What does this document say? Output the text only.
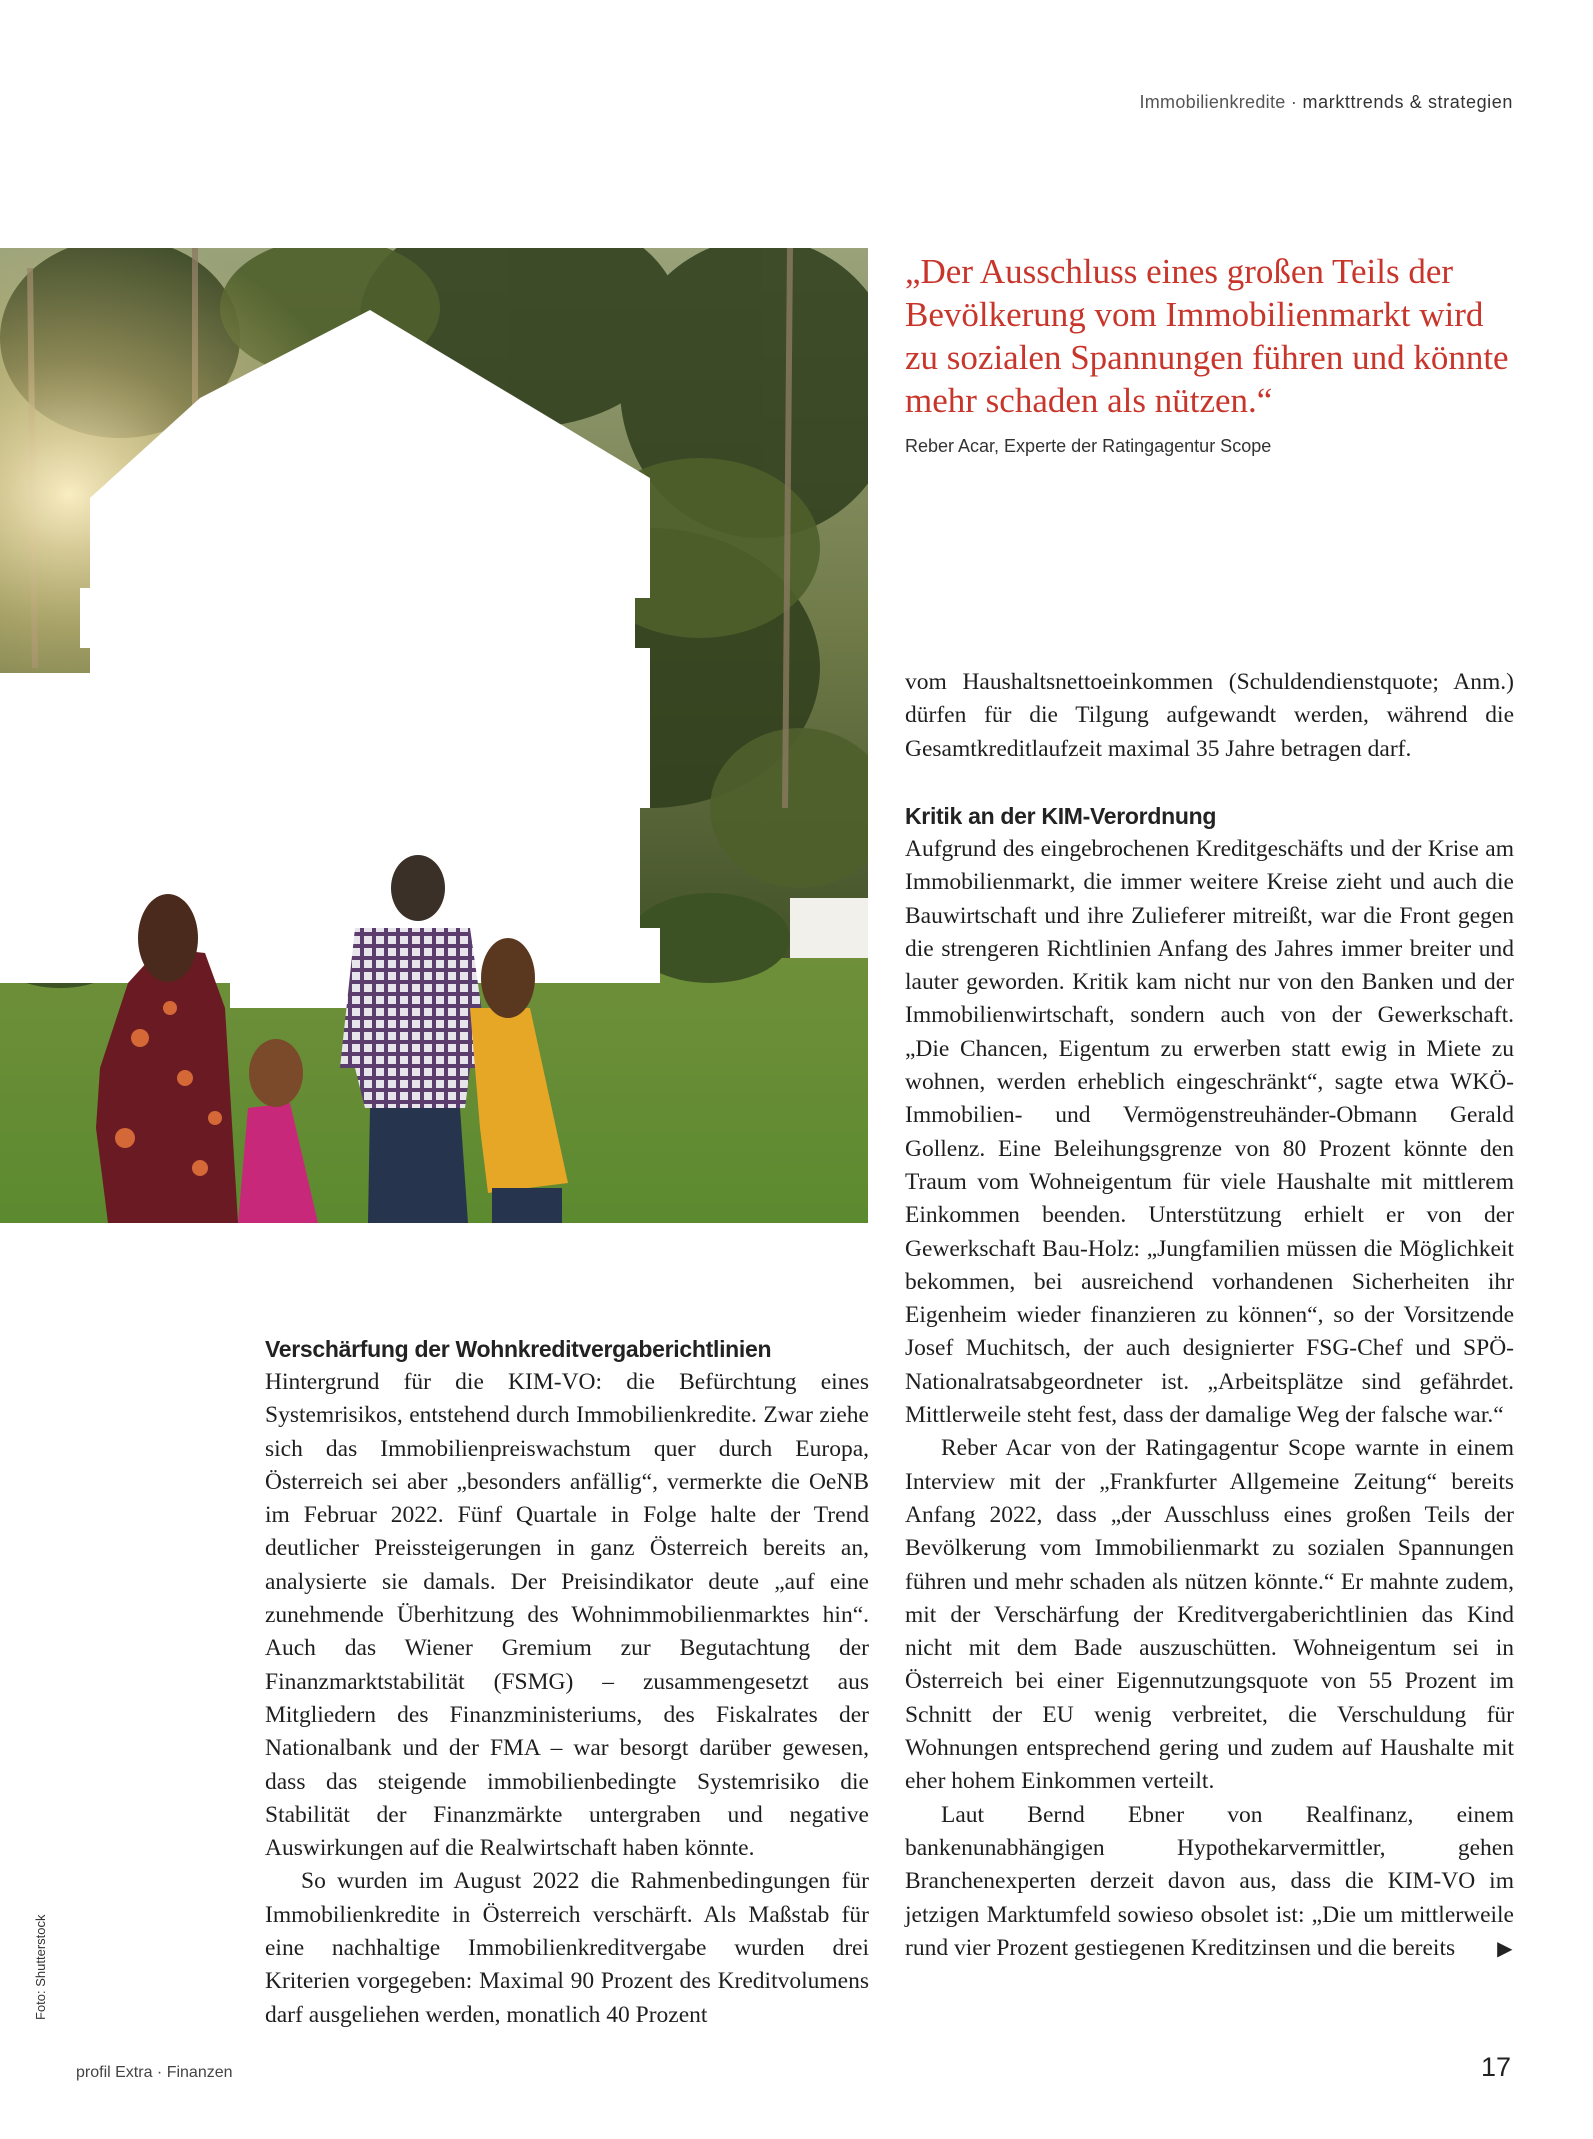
Immobilienkredite · markttrends & strategien

„Der Ausschluss eines großen Teils der Bevölkerung vom Immobilienmarkt wird zu sozialen Spannungen führen und könnte mehr schaden als nützen.“

Reber Acar, Experte der Ratingagentur Scope
Verschärfung der Wohnkreditvergaberichtlinien

Hintergrund für die KIM-VO: die Befürchtung eines Systemrisikos, entstehend durch Immobilienkredite. Zwar ziehe sich das Immobilienpreiswachstum quer durch Europa, Österreich sei aber „besonders anfällig“, vermerkte die OeNB im Februar 2022. Fünf Quartale in Folge halte der Trend deutlicher Preissteigerungen in ganz Österreich bereits an, analysierte sie damals. Der Preisindikator deute „auf eine zunehmende Überhitzung des Wohnimmobilienmarktes hin“. Auch das Wiener Gremium zur Begutachtung der Finanzmarktstabilität (FSMG) – zusammengesetzt aus Mitgliedern des Finanzministeriums, des Fiskalrates der Nationalbank und der FMA – war besorgt darüber gewesen, dass das steigende immobilienbedingte Systemrisiko die Stabilität der Finanzmärkte untergraben und negative Auswirkungen auf die Realwirtschaft haben könnte.

So wurden im August 2022 die Rahmenbedingungen für Immobilienkredite in Österreich verschärft. Als Maßstab für eine nachhaltige Immobilienkreditvergabe wurden drei Kriterien vorgegeben: Maximal 90 Prozent des Kreditvolumens darf ausgeliehen werden, monatlich 40 Prozent

vom Haushaltsnettoeinkommen (Schuldendienstquote; Anm.) dürfen für die Tilgung aufgewandt werden, während die Gesamtkreditlaufzeit maximal 35 Jahre betragen darf.

Kritik an der KIM-Verordnung

Aufgrund des eingebrochenen Kreditgeschäfts und der Krise am Immobilienmarkt, die immer weitere Kreise zieht und auch die Bauwirtschaft und ihre Zulieferer mitreißt, war die Front gegen die strengeren Richtlinien Anfang des Jahres immer breiter und lauter geworden. Kritik kam nicht nur von den Banken und der Immobilienwirtschaft, sondern auch von der Gewerkschaft. „Die Chancen, Eigentum zu erwerben statt ewig in Miete zu wohnen, werden erheblich eingeschränkt“, sagte etwa WKÖ-Immobilien- und Vermögenstreuhänder-Obmann Gerald Gollenz. Eine Beleihungsgrenze von 80 Prozent könnte den Traum vom Wohneigentum für viele Haushalte mit mittlerem Einkommen beenden. Unterstützung erhielt er von der Gewerkschaft Bau-Holz: „Jungfamilien müssen die Möglichkeit bekommen, bei ausreichend vorhandenen Sicherheiten ihr Eigenheim wieder finanzieren zu können“, so der Vorsitzende Josef Muchitsch, der auch designierter FSG-Chef und SPÖ-Nationalratsabgeordneter ist. „Arbeitsplätze sind gefährdet. Mittlerweile steht fest, dass der damalige Weg der falsche war.“

Reber Acar von der Ratingagentur Scope warnte in einem Interview mit der „Frankfurter Allgemeine Zeitung“ bereits Anfang 2022, dass „der Ausschluss eines großen Teils der Bevölkerung vom Immobilienmarkt zu sozialen Spannungen führen und mehr schaden als nützen könnte.“ Er mahnte zudem, mit der Verschärfung der Kreditvergaberichtlinien das Kind nicht mit dem Bade auszuschütten. Wohneigentum sei in Österreich bei einer Eigennutzungsquote von 55 Prozent im Schnitt der EU wenig verbreitet, die Verschuldung für Wohnungen entsprechend gering und zudem auf Haushalte mit eher hohem Einkommen verteilt.

Laut Bernd Ebner von Realfinanz, einem bankenunabhängigen Hypothekarvermittler, gehen Branchenexperten derzeit davon aus, dass die KIM-VO im jetzigen Marktumfeld sowieso obsolet ist: „Die um mittlerweile rund vier Prozent gestiegenen Kreditzinsen und die bereits ▶

Foto: Shutterstock
profil Extra · Finanzen	17
